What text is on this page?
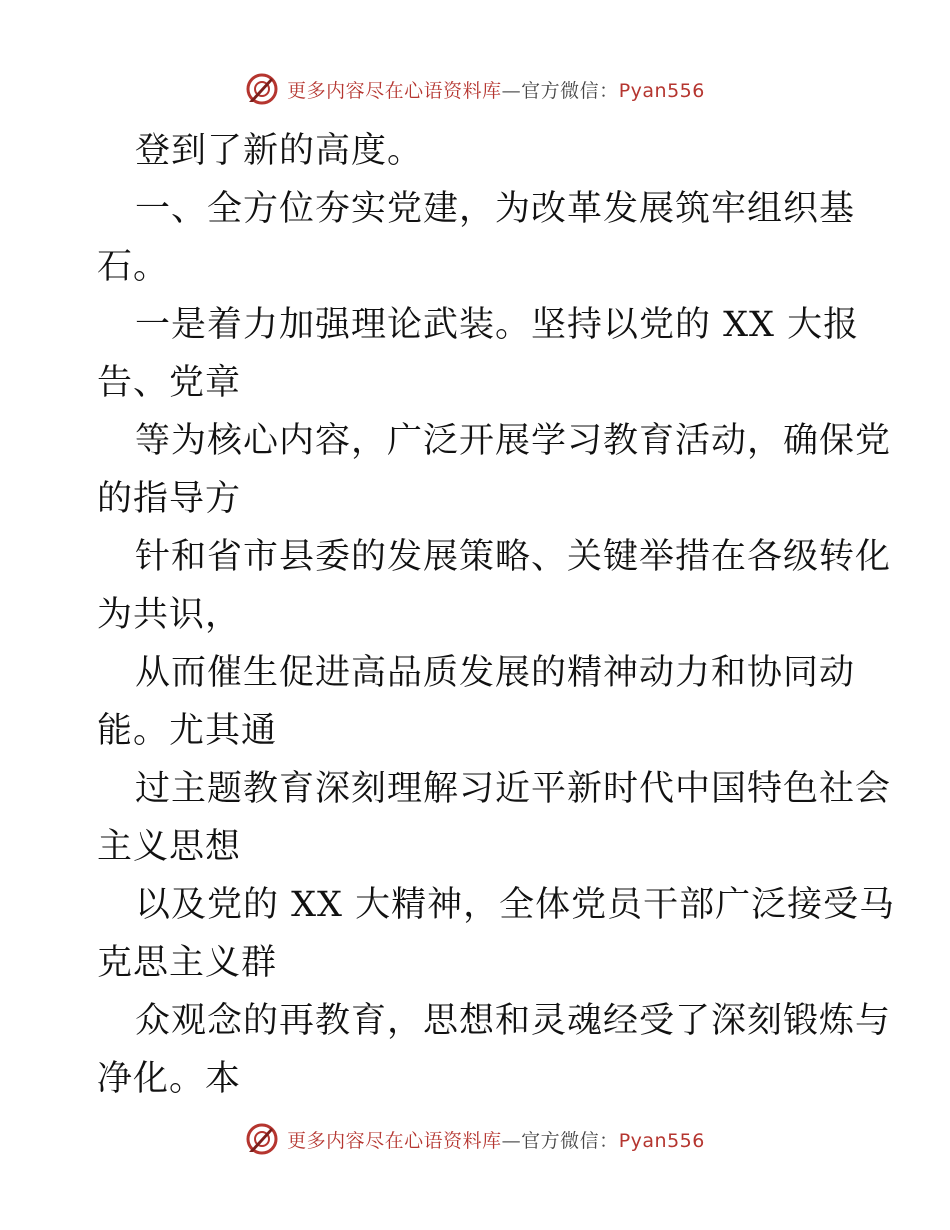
更多内容尽在心语资料库—官方微信：Pyan556
登到了新的高度。
一、全方位夯实党建，为改革发展筑牢组织基
石。
一是着力加强理论武装。坚持以党的 XX 大报
告、党章
等为核心内容，广泛开展学习教育活动，确保党
的指导方
针和省市县委的发展策略、关键举措在各级转化
为共识，
从而催生促进高品质发展的精神动力和协同动
能。尤其通
过主题教育深刻理解习近平新时代中国特色社会
主义思想
以及党的 XX 大精神，全体党员干部广泛接受马
克思主义群
众观念的再教育，思想和灵魂经受了深刻锻炼与
净化。本
更多内容尽在心语资料库—官方微信：Pyan556
